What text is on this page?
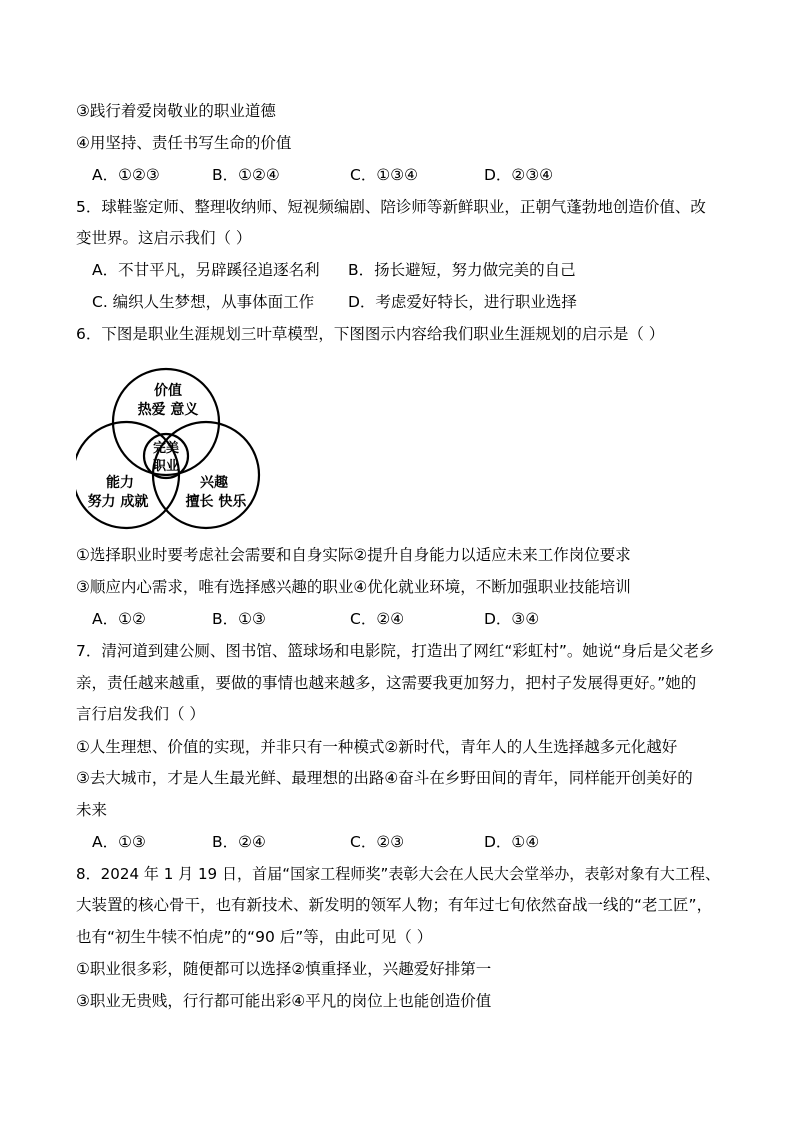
③践行着爱岗敬业的职业道德
④用坚持、责任书写生命的价值
A．①②③	B．①②④	C．①③④	D．②③④
5．球鞋鉴定师、整理收纳师、短视频编剧、陪诊师等新鲜职业，正朝气蓬勃地创造价值、改
变世界。这启示我们（ ）
A．不甘平凡，另辟蹊径追逐名利 B．扬长避短，努力做完美的自己
C. 编织人生梦想，从事体面工作 D．考虑爱好特长，进行职业选择
6．下图是职业生涯规划三叶草模型，下图图示内容给我们职业生涯规划的启示是（ ）
价值
热爱 意义
能力
努力 成就
兴趣
擅长 快乐
完美
职业
①选择职业时要考虑社会需要和自身实际②提升自身能力以适应未来工作岗位要求
③顺应内心需求，唯有选择感兴趣的职业④优化就业环境，不断加强职业技能培训
A．①②	B．①③	C．②④	D．③④
7．清河道到建公厕、图书馆、篮球场和电影院，打造出了网红“彩虹村”。她说“身后是父老乡
亲，责任越来越重，要做的事情也越来越多，这需要我更加努力，把村子发展得更好。”她的
言行启发我们（ ）
①人生理想、价值的实现，并非只有一种模式②新时代，青年人的人生选择越多元化越好
③去大城市，才是人生最光鲜、最理想的出路④奋斗在乡野田间的青年，同样能开创美好的
未来
A．①③	B．②④	C．②③	D．①④
8．2024 年 1 月 19 日，首届“国家工程师奖”表彰大会在人民大会堂举办，表彰对象有大工程、
大装置的核心骨干，也有新技术、新发明的领军人物；有年过七旬依然奋战一线的“老工匠”，
也有“初生牛犊不怕虎”的“90 后”等，由此可见（ ）
①职业很多彩，随便都可以选择②慎重择业，兴趣爱好排第一
③职业无贵贱，行行都可能出彩④平凡的岗位上也能创造价值
